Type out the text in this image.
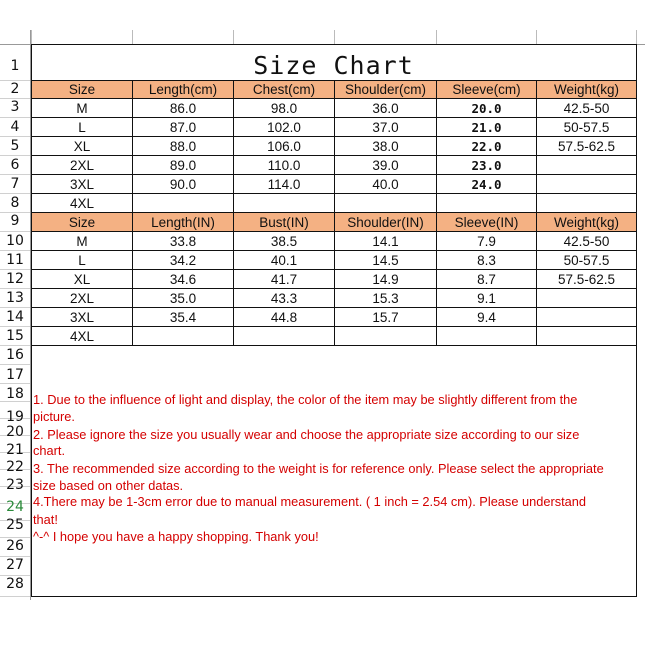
1
2
3
4
5
6
7
8
9
10
11
12
13
14
15
16
17
18
19
20
21
22
23
24
25
26
27
28
Size Chart
Size	Length(cm)	Chest(cm)	Shoulder(cm)	Sleeve(cm)	Weight(kg)
M	86.0	98.0	36.0	20.0	42.5-50
L	87.0	102.0	37.0	21.0	50-57.5
XL	88.0	106.0	38.0	22.0	57.5-62.5
2XL	89.0	110.0	39.0	23.0
3XL	90.0	114.0	40.0	24.0
4XL
Size	Length(IN)	Bust(IN)	Shoulder(IN)	Sleeve(IN)	Weight(kg)
M	33.8	38.5	14.1	7.9	42.5-50
L	34.2	40.1	14.5	8.3	50-57.5
XL	34.6	41.7	14.9	8.7	57.5-62.5
2XL	35.0	43.3	15.3	9.1
3XL	35.4	44.8	15.7	9.4
4XL
1. Due to the influence of light and display, the color of the item may be slightly different from the
picture.
2. Please ignore the size you usually wear and choose the appropriate size according to our size
chart.
3. The recommended size according to the weight is for reference only. Please select the appropriate
size based on other datas.
4.There may be 1-3cm error due to manual measurement. ( 1 inch = 2.54 cm). Please understand
that!
^-^ I hope you have a happy shopping. Thank you!
